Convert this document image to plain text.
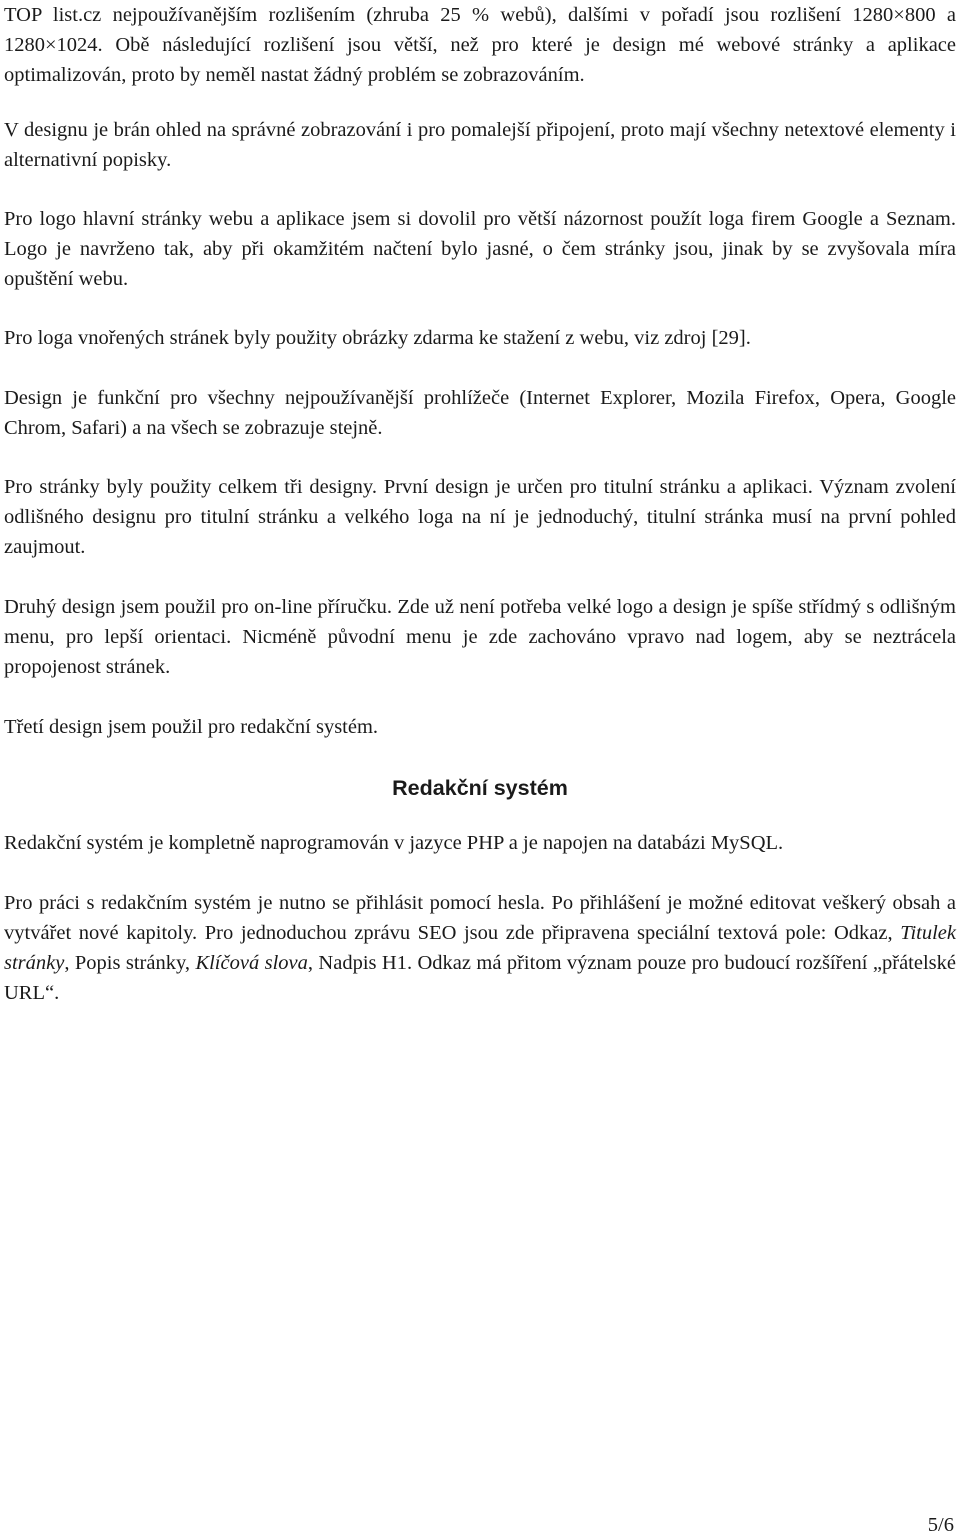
TOP list.cz nejpoužívanějším rozlišením (zhruba 25 % webů), dalšími v pořadí jsou rozlišení 1280×800 a 1280×1024. Obě následující rozlišení jsou větší, než pro které je design mé webové stránky a aplikace optimalizován, proto by neměl nastat žádný problém se zobrazováním.

V designu je brán ohled na správné zobrazování i pro pomalejší připojení, proto mají všechny netextové elementy i alternativní popisky.

Pro logo hlavní stránky webu a aplikace jsem si dovolil pro větší názornost použít loga firem Google a Seznam. Logo je navrženo tak, aby při okamžitém načtení bylo jasné, o čem stránky jsou, jinak by se zvyšovala míra opuštění webu.

Pro loga vnořených stránek byly použity obrázky zdarma ke stažení z webu, viz zdroj [29].

Design je funkční pro všechny nejpoužívanější prohlížeče (Internet Explorer, Mozila Firefox, Opera, Google Chrom, Safari) a na všech se zobrazuje stejně.

Pro stránky byly použity celkem tři designy. První design je určen pro titulní stránku a aplikaci. Význam zvolení odlišného designu pro titulní stránku a velkého loga na ní je jednoduchý, titulní stránka musí na první pohled zaujmout.

Druhý design jsem použil pro on-line příručku. Zde už není potřeba velké logo a design je spíše střídmý s odlišným menu, pro lepší orientaci. Nicméně původní menu je zde zachováno vpravo nad logem, aby se neztrácela propojenost stránek.

Třetí design jsem použil pro redakční systém.

Redakční systém

Redakční systém je kompletně naprogramován v jazyce PHP a je napojen na databázi MySQL.

Pro práci s redakčním systém je nutno se přihlásit pomocí hesla. Po přihlášení je možné editovat veškerý obsah a vytvářet nové kapitoly. Pro jednoduchou zprávu SEO jsou zde připravena speciální textová pole: Odkaz, Titulek stránky, Popis stránky, Klíčová slova, Nadpis H1. Odkaz má přitom význam pouze pro budoucí rozšíření „přátelské URL“.

5/6
